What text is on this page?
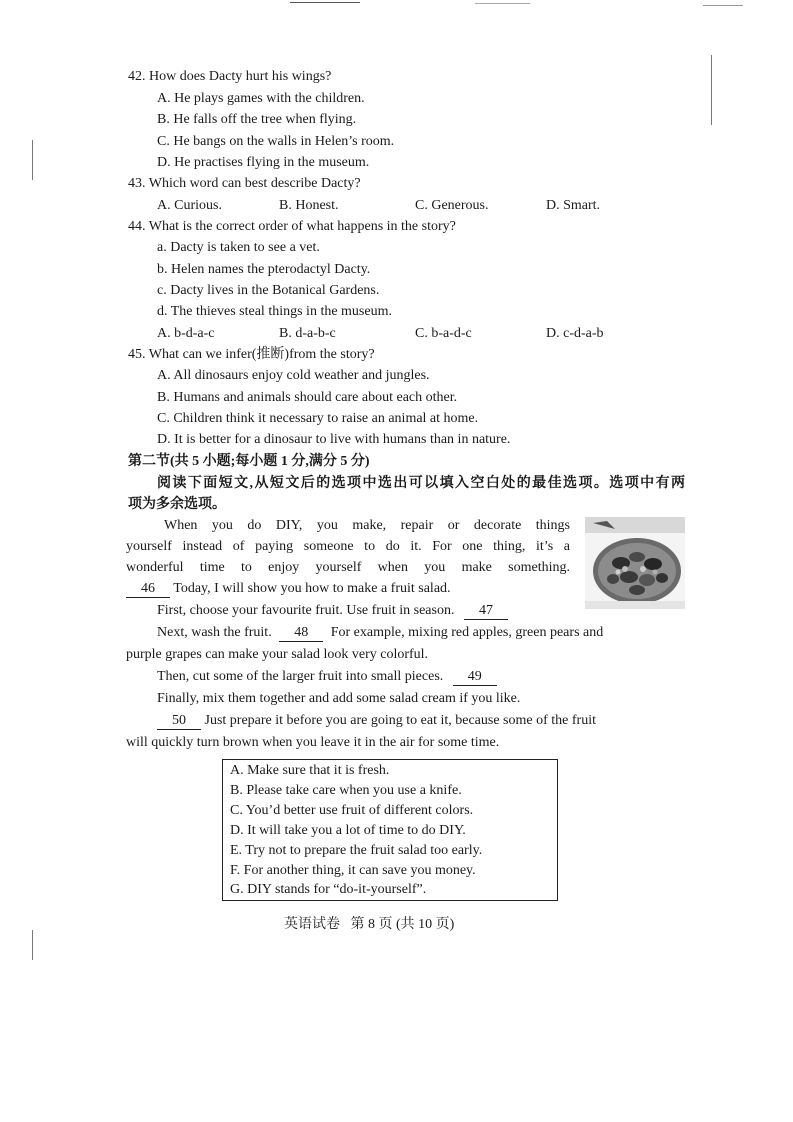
42. How does Dacty hurt his wings?
A. He plays games with the children.
B. He falls off the tree when flying.
C. He bangs on the walls in Helen’s room.
D. He practises flying in the museum.
43. Which word can best describe Dacty?
A. Curious.	B. Honest.	C. Generous.	D. Smart.
44. What is the correct order of what happens in the story?
a. Dacty is taken to see a vet.
b. Helen names the pterodactyl Dacty.
c. Dacty lives in the Botanical Gardens.
d. The thieves steal things in the museum.
A. b-d-a-c	B. d-a-b-c	C. b-a-d-c	D. c-d-a-b
45. What can we infer(推断)from the story?
A. All dinosaurs enjoy cold weather and jungles.
B. Humans and animals should care about each other.
C. Children think it necessary to raise an animal at home.
D. It is better for a dinosaur to live with humans than in nature.
第二节(共 5 小题;每小题 1 分,满分 5 分)
阅读下面短文,从短文后的选项中选出可以填入空白处的最佳选项。选项中有两
项为多余选项。
When you do DIY, you make, repair or decorate things
yourself instead of paying someone to do it. For one thing, it’s a
wonderful time to enjoy yourself when you make something.
46 Today, I will show you how to make a fruit salad.
First, choose your favourite fruit. Use fruit in season. 47
Next, wash the fruit. 48 For example, mixing red apples, green pears and
purple grapes can make your salad look very colorful.
Then, cut some of the larger fruit into small pieces. 49
Finally, mix them together and add some salad cream if you like.
50 Just prepare it before you are going to eat it, because some of the fruit
will quickly turn brown when you leave it in the air for some time.
A. Make sure that it is fresh.
B. Please take care when you use a knife.
C. You’d better use fruit of different colors.
D. It will take you a lot of time to do DIY.
E. Try not to prepare the fruit salad too early.
F. For another thing, it can save you money.
G. DIY stands for “do-it-yourself”.
英语试卷   第 8 页 (共 10 页)
